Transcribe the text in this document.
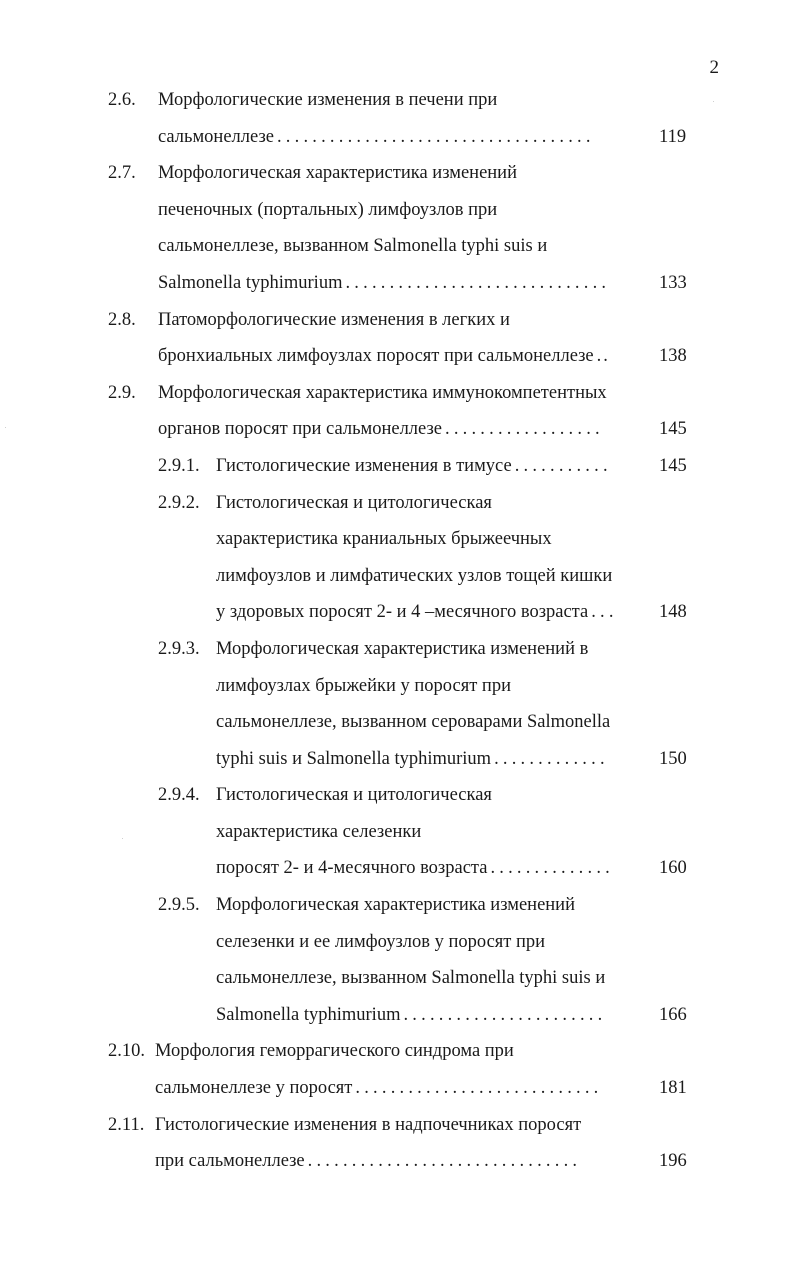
2
2.6. Морфологические изменения в печени при
сальмонеллезе ....................................	119
2.7. Морфологическая характеристика изменений
печеночных (портальных) лимфоузлов при
сальмонеллезе, вызванном Salmonella typhi suis и
Salmonella typhimurium ..............................	133
2.8. Патоморфологические изменения в легких и
бронхиальных лимфоузлах поросят при сальмонеллезе ..	138
2.9. Морфологическая характеристика иммунокомпетентных
органов поросят при сальмонеллезе ..................	145
2.9.1. Гистологические изменения в тимусе ...........	145
2.9.2. Гистологическая и цитологическая
характеристика краниальных брыжеечных
лимфоузлов и лимфатических узлов тощей кишки
у здоровых поросят 2- и 4 –месячного возраста ...	148
2.9.3. Морфологическая характеристика изменений в
лимфоузлах брыжейки у поросят при
сальмонеллезе, вызванном серoварами Salmonella
typhi suis и Salmonella typhimurium .............	150
2.9.4. Гистологическая и цитологическая
характеристика селезенки
поросят 2- и 4-месячного возраста ..............	160
2.9.5. Морфологическая характеристика изменений
селезенки и ее лимфоузлов у поросят при
сальмонеллезе, вызванном Salmonella typhi suis и
Salmonella typhimurium .......................	166
2.10. Морфология геморрагического синдрома при
сальмонеллезе у поросят ............................	181
2.11. Гистологические изменения в надпочечниках поросят
при сальмонеллезе ...............................	196
